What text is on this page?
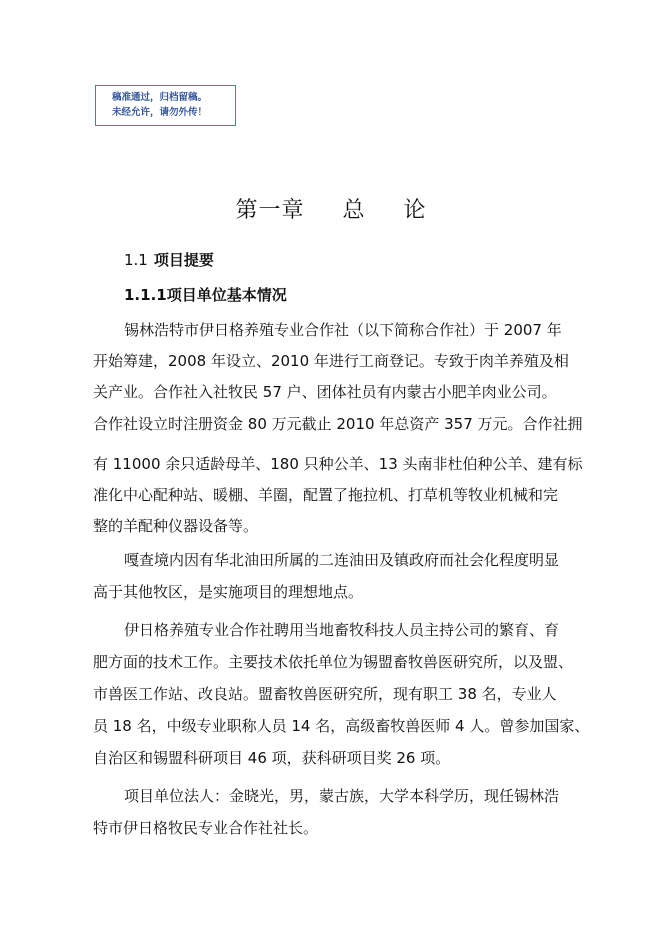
稿准通过，归档留稿。
未经允许，请勿外传！
第一章 总 论
1.1 项目提要
1.1.1项目单位基本情况
锡林浩特市伊日格养殖专业合作社（以下简称合作社）于 2007 年
开始筹建，2008 年设立、2010 年进行工商登记。专致于肉羊养殖及相
关产业。合作社入社牧民 57 户、团体社员有内蒙古小肥羊肉业公司。
合作社设立时注册资金 80 万元截止 2010 年总资产 357 万元。合作社拥
有 11000 余只适龄母羊、180 只种公羊、13 头南非杜伯种公羊、建有标
准化中心配种站、暖棚、羊圈，配置了拖拉机、打草机等牧业机械和完
整的羊配种仪器设备等。
嘎查境内因有华北油田所属的二连油田及镇政府而社会化程度明显
高于其他牧区，是实施项目的理想地点。
伊日格养殖专业合作社聘用当地畜牧科技人员主持公司的繁育、育
肥方面的技术工作。主要技术依托单位为锡盟畜牧兽医研究所，以及盟、
市兽医工作站、改良站。盟畜牧兽医研究所，现有职工 38 名，专业人
员 18 名，中级专业职称人员 14 名，高级畜牧兽医师 4 人。曾参加国家、
自治区和锡盟科研项目 46 项，获科研项目奖 26 项。
项目单位法人：金晓光，男，蒙古族，大学本科学历，现任锡林浩
特市伊日格牧民专业合作社社长。
